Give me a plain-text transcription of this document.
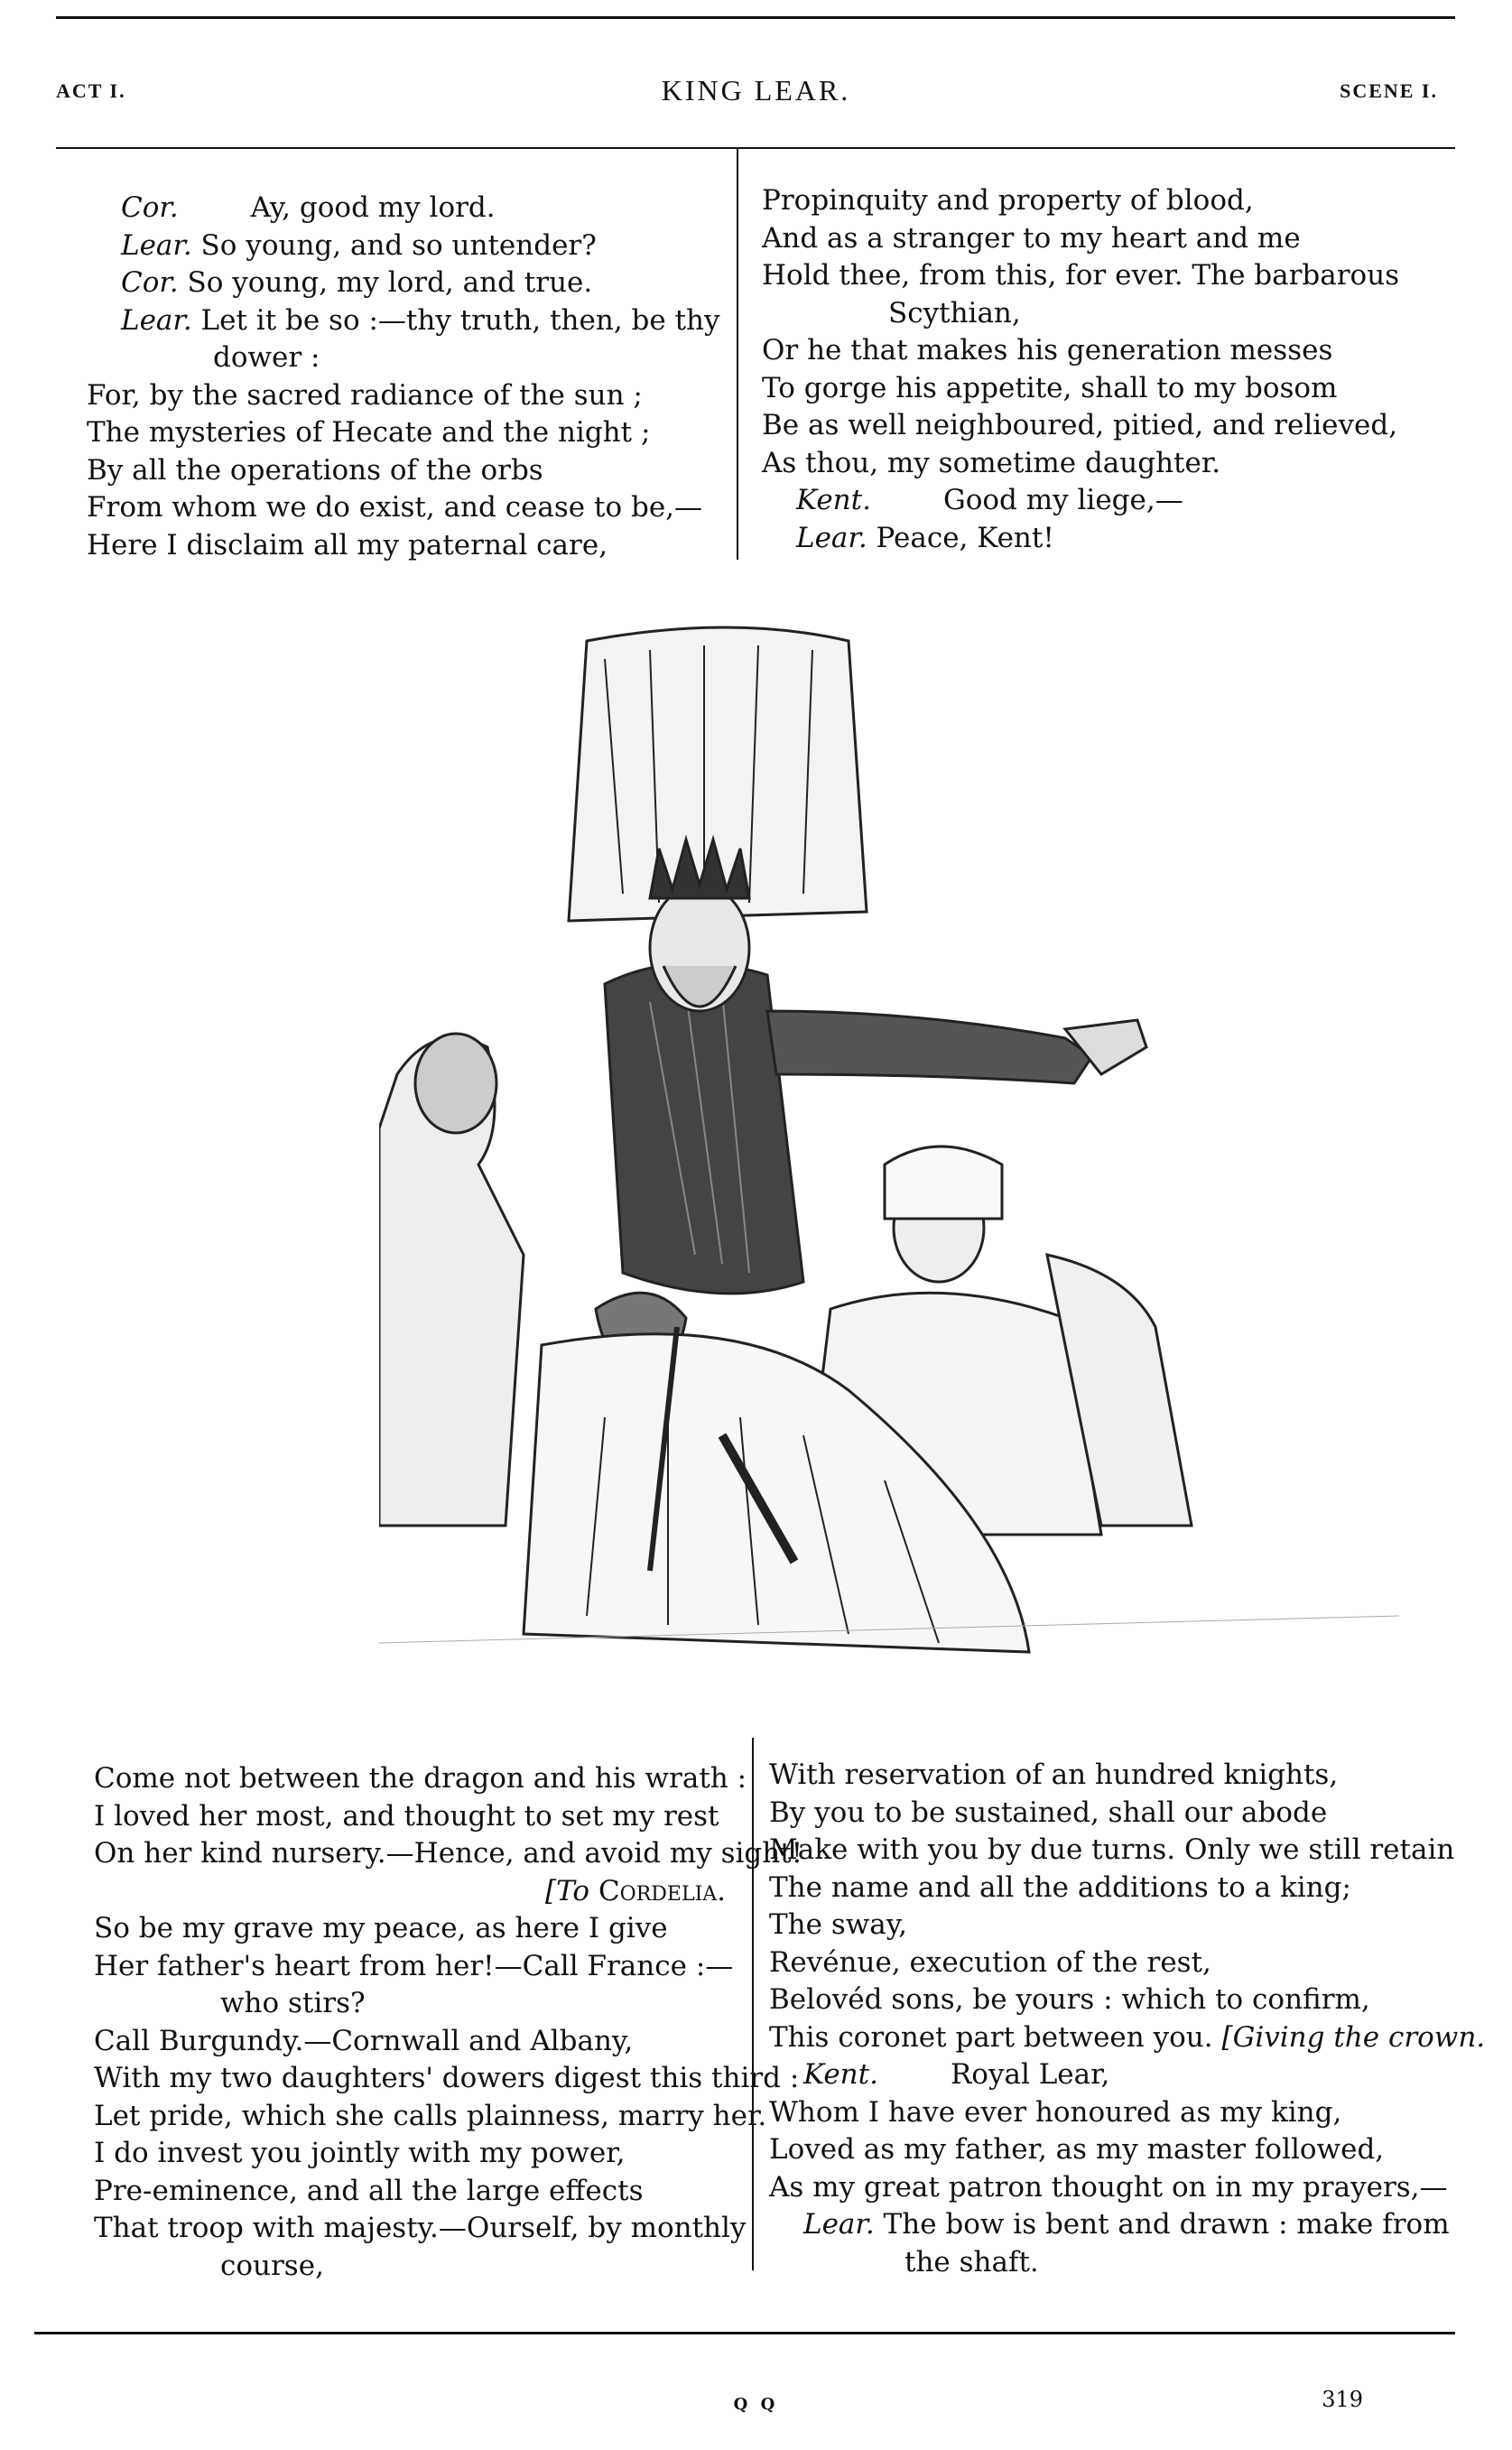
ACT I.	KING LEAR.	SCENE I.
Cor.	Ay, good my lord.
Lear. So young, and so untender?
Cor. So young, my lord, and true.
Lear. Let it be so :—thy truth, then, be thy
dower :
For, by the sacred radiance of the sun ;
The mysteries of Hecate and the night ;
By all the operations of the orbs
From whom we do exist, and cease to be,—
Here I disclaim all my paternal care,
Propinquity and property of blood,
And as a stranger to my heart and me
Hold thee, from this, for ever. The barbarous
Scythian,
Or he that makes his generation messes
To gorge his appetite, shall to my bosom
Be as well neighboured, pitied, and relieved,
As thou, my sometime daughter.
Kent.	Good my liege,—
Lear. Peace, Kent!
Come not between the dragon and his wrath :
I loved her most, and thought to set my rest
On her kind nursery.—Hence, and avoid my sight!
[To Cordelia.
So be my grave my peace, as here I give
Her father's heart from her!—Call France :—
who stirs?
Call Burgundy.—Cornwall and Albany,
With my two daughters' dowers digest this third :
Let pride, which she calls plainness, marry her.
I do invest you jointly with my power,
Pre-eminence, and all the large effects
That troop with majesty.—Ourself, by monthly
course,
With reservation of an hundred knights,
By you to be sustained, shall our abode
Make with you by due turns. Only we still retain
The name and all the additions to a king;
The sway,
Revénue, execution of the rest,
Belovéd sons, be yours : which to confirm,
This coronet part between you. [Giving the crown.
Kent.	Royal Lear,
Whom I have ever honoured as my king,
Loved as my father, as my master followed,
As my great patron thought on in my prayers,—
Lear. The bow is bent and drawn : make from
the shaft.
Q Q	319
